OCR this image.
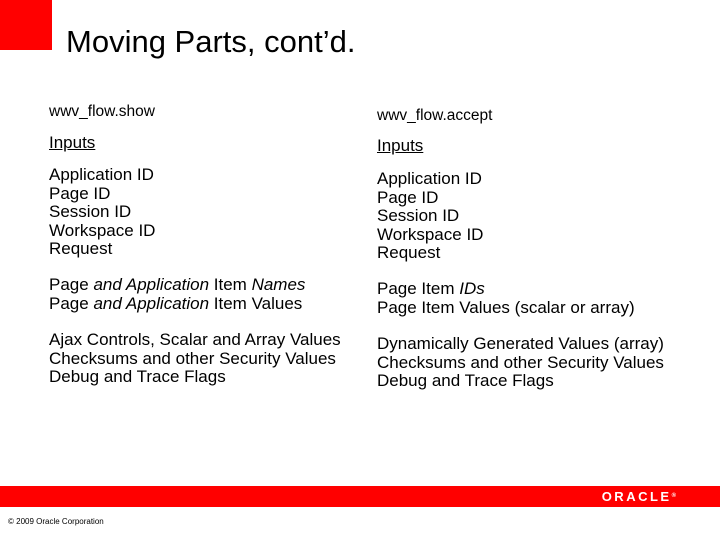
Moving Parts, cont’d.
wwv_flow.show
Inputs
Application ID
Page ID
Session ID
Workspace ID
Request
Page and Application Item Names
Page and Application Item Values
Ajax Controls, Scalar and Array Values
Checksums and other Security Values
Debug and Trace Flags
wwv_flow.accept
Inputs
Application ID
Page ID
Session ID
Workspace ID
Request
Page Item IDs
Page Item Values (scalar or array)
Dynamically Generated Values (array)
Checksums and other Security Values
Debug and Trace Flags
ORACLE®
© 2009 Oracle Corporation
